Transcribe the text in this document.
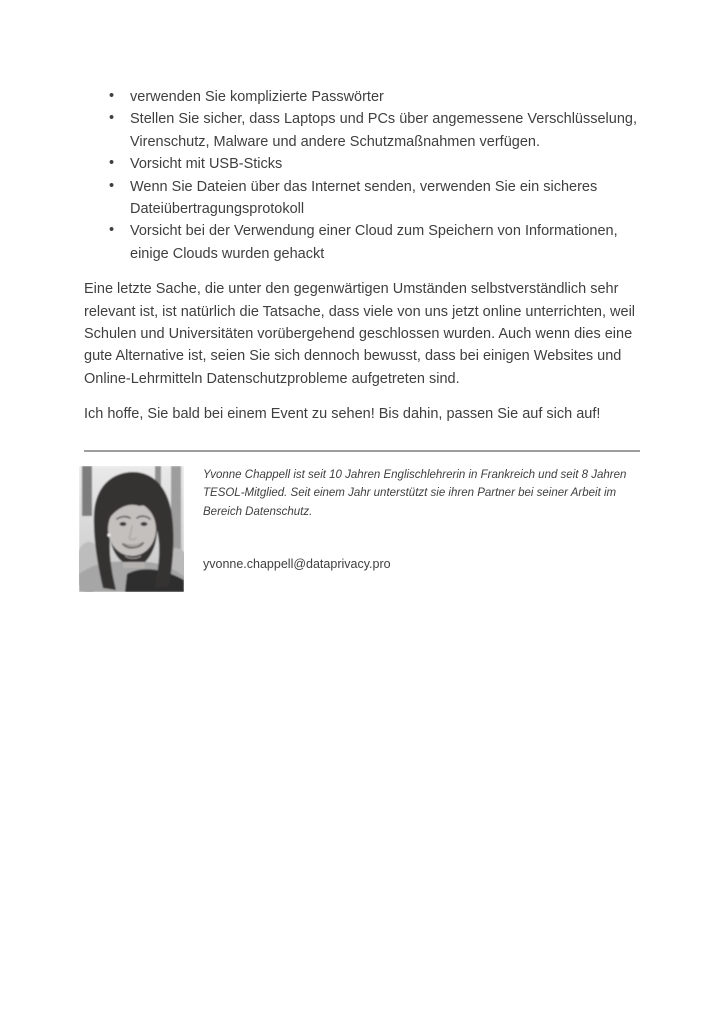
• verwenden Sie komplizierte Passwörter
• Stellen Sie sicher, dass Laptops und PCs über angemessene Verschlüsselung, Virenschutz, Malware und andere Schutzmaßnahmen verfügen.
• Vorsicht mit USB-Sticks
• Wenn Sie Dateien über das Internet senden, verwenden Sie ein sicheres Dateiübertragungsprotokoll
• Vorsicht bei der Verwendung einer Cloud zum Speichern von Informationen, einige Clouds wurden gehackt

Eine letzte Sache, die unter den gegenwärtigen Umständen selbstverständlich sehr relevant ist, ist natürlich die Tatsache, dass viele von uns jetzt online unterrichten, weil Schulen und Universitäten vorübergehend geschlossen wurden. Auch wenn dies eine gute Alternative ist, seien Sie sich dennoch bewusst, dass bei einigen Websites und Online-Lehrmitteln Datenschutzprobleme aufgetreten sind.

Ich hoffe, Sie bald bei einem Event zu sehen! Bis dahin, passen Sie auf sich auf!

Yvonne Chappell ist seit 10 Jahren Englischlehrerin in Frankreich und seit 8 Jahren TESOL-Mitglied. Seit einem Jahr unterstützt sie ihren Partner bei seiner Arbeit im Bereich Datenschutz.

yvonne.chappell@dataprivacy.pro
